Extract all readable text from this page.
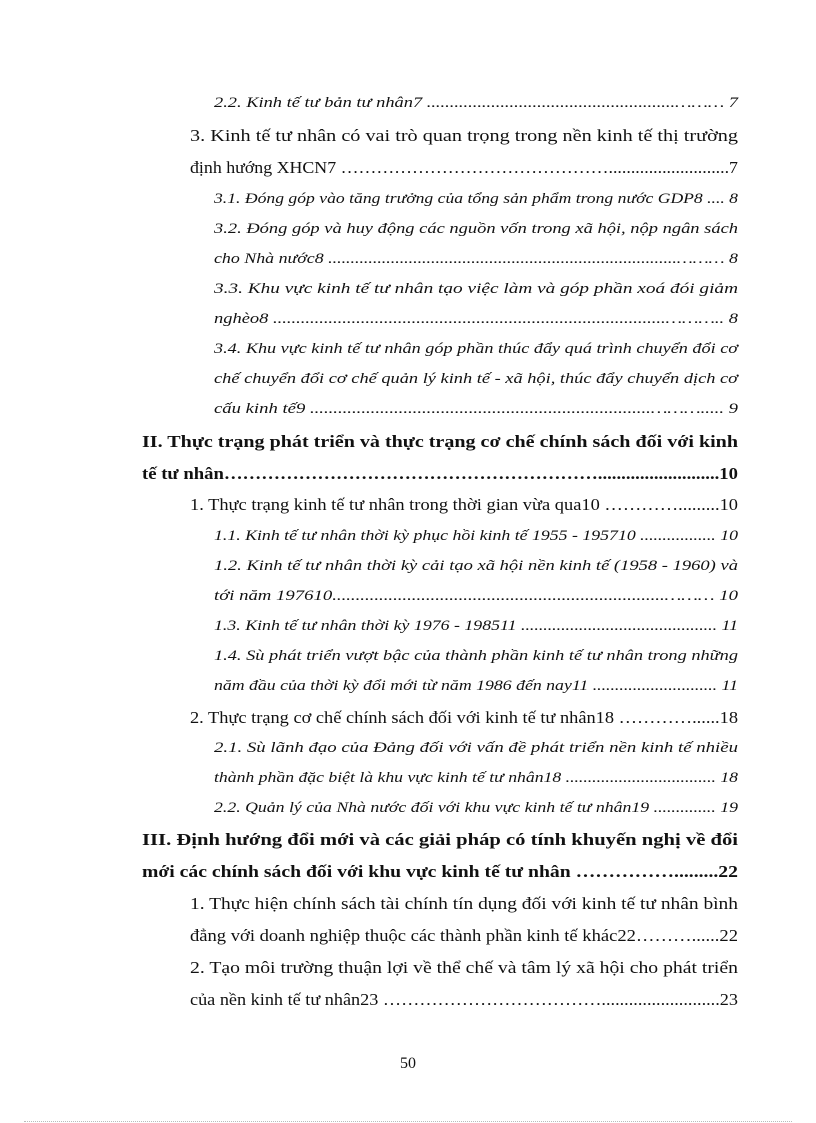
2.2. Kinh tế tư bản tư nhân7 ......................................................……… 7

3. Kinh tế tư nhân có vai trò quan trọng trong nền kinh tế thị trường

định hướng XHCN7 ………………………………………...........................7

3.1. Đóng góp vào tăng trưởng của tổng sản phẩm trong nước GDP8 .... 8

3.2. Đóng góp và huy động các nguồn vốn trong xã hội, nộp ngân sách

cho Nhà nước8 ..............................................................................……… 8

3.3. Khu vực kinh tế tư nhân tạo việc làm và góp phần xoá đói giảm

nghèo8 .....................................................................................……….. 8

3.4. Khu vực kinh tế tư nhân góp phần thúc đẩy quá trình chuyển đổi cơ

chế chuyển đổi cơ chế quản lý kinh tế - xã hội, thúc đẩy chuyển dịch cơ

cấu kinh tế9 .........................................................................………..... 9

II. Thực trạng phát triển và thực trạng cơ chế chính sách đối với kinh

tế tư nhân……………………………………………………..........................10

1. Thực trạng kinh tế tư nhân trong thời gian vừa qua10 ………….........10

1.1. Kinh tế tư nhân thời kỳ phục hồi kinh tế 1955 - 195710 ................. 10

1.2. Kinh tế tư nhân thời kỳ cải tạo xã hội nền kinh tế (1958 - 1960) và

tới năm 197610.......................................................................……… 10

1.3. Kinh tế tư nhân thời kỳ 1976 - 198511 ............................................ 11

1.4. Sù phát triển vượt bậc của thành phần kinh tế tư nhân trong những

năm đầu của thời kỳ đổi mới từ năm 1986 đến nay11 ............................ 11

2. Thực trạng cơ chế chính sách đối với kinh tế tư nhân18 …………......18

2.1. Sù lãnh đạo của Đảng đối với vấn đề phát triển nền kinh tế nhiều

thành phần đặc biệt là khu vực kinh tế tư nhân18 .................................. 18

2.2. Quản lý của Nhà nước đối với khu vực kinh tế tư nhân19 .............. 19

III. Định hướng đổi mới và các giải pháp có tính khuyến nghị về đổi

mới các chính sách đối với khu vực kinh tế tư nhân …………….........22

1. Thực hiện chính sách tài chính tín dụng đối với kinh tế tư nhân bình

đẳng với doanh nghiệp thuộc các thành phần kinh tế khác22………......22

2. Tạo môi trường thuận lợi về thể chế và tâm lý xã hội cho phát triển

của nền kinh tế tư nhân23 ………………………………..........................23

50
